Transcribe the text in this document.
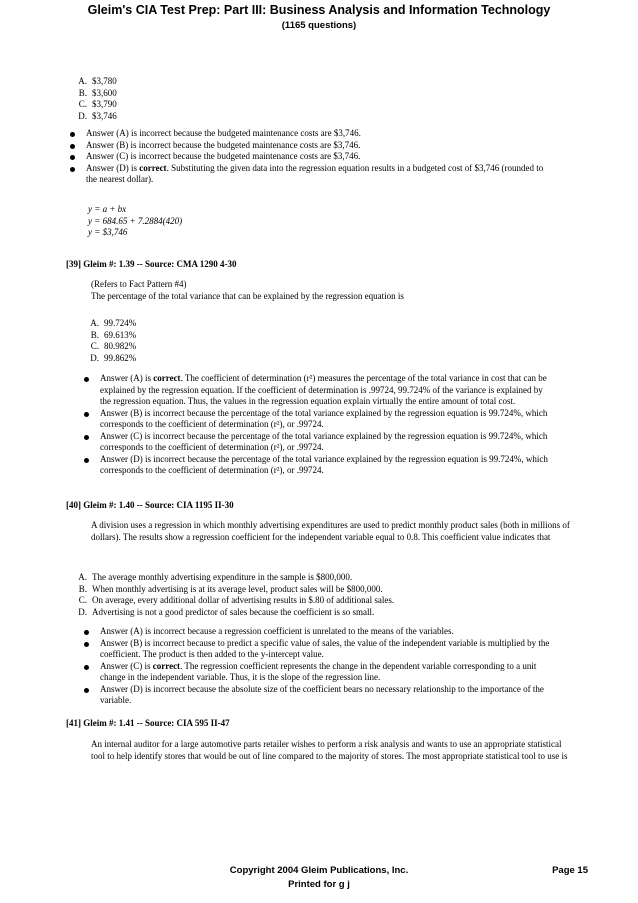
Gleim's CIA Test Prep: Part III: Business Analysis and Information Technology
(1165 questions)
A. $3,780
B. $3,600
C. $3,790
D. $3,746
Answer (A) is incorrect because the budgeted maintenance costs are $3,746.
Answer (B) is incorrect because the budgeted maintenance costs are $3,746.
Answer (C) is incorrect because the budgeted maintenance costs are $3,746.
Answer (D) is correct. Substituting the given data into the regression equation results in a budgeted cost of $3,746 (rounded to the nearest dollar).
y = a + bx
y = 684.65 + 7.2884(420)
y = $3,746
[39] Gleim #: 1.39 -- Source: CMA 1290 4-30
(Refers to Fact Pattern #4)
The percentage of the total variance that can be explained by the regression equation is
A. 99.724%
B. 69.613%
C. 80.982%
D. 99.862%
Answer (A) is correct. The coefficient of determination (r²) measures the percentage of the total variance in cost that can be explained by the regression equation. If the coefficient of determination is .99724, 99.724% of the variance is explained by the regression equation. Thus, the values in the regression equation explain virtually the entire amount of total cost.
Answer (B) is incorrect because the percentage of the total variance explained by the regression equation is 99.724%, which corresponds to the coefficient of determination (r²), or .99724.
Answer (C) is incorrect because the percentage of the total variance explained by the regression equation is 99.724%, which corresponds to the coefficient of determination (r²), or .99724.
Answer (D) is incorrect because the percentage of the total variance explained by the regression equation is 99.724%, which corresponds to the coefficient of determination (r²), or .99724.
[40] Gleim #: 1.40 -- Source: CIA 1195 II-30
A division uses a regression in which monthly advertising expenditures are used to predict monthly product sales (both in millions of dollars). The results show a regression coefficient for the independent variable equal to 0.8. This coefficient value indicates that
A. The average monthly advertising expenditure in the sample is $800,000.
B. When monthly advertising is at its average level, product sales will be $800,000.
C. On average, every additional dollar of advertising results in $.80 of additional sales.
D. Advertising is not a good predictor of sales because the coefficient is so small.
Answer (A) is incorrect because a regression coefficient is unrelated to the means of the variables.
Answer (B) is incorrect because to predict a specific value of sales, the value of the independent variable is multiplied by the coefficient. The product is then added to the y-intercept value.
Answer (C) is correct. The regression coefficient represents the change in the dependent variable corresponding to a unit change in the independent variable. Thus, it is the slope of the regression line.
Answer (D) is incorrect because the absolute size of the coefficient bears no necessary relationship to the importance of the variable.
[41] Gleim #: 1.41 -- Source: CIA 595 II-47
An internal auditor for a large automotive parts retailer wishes to perform a risk analysis and wants to use an appropriate statistical tool to help identify stores that would be out of line compared to the majority of stores. The most appropriate statistical tool to use is
Copyright 2004 Gleim Publications, Inc.
Printed for g j
Page 15
